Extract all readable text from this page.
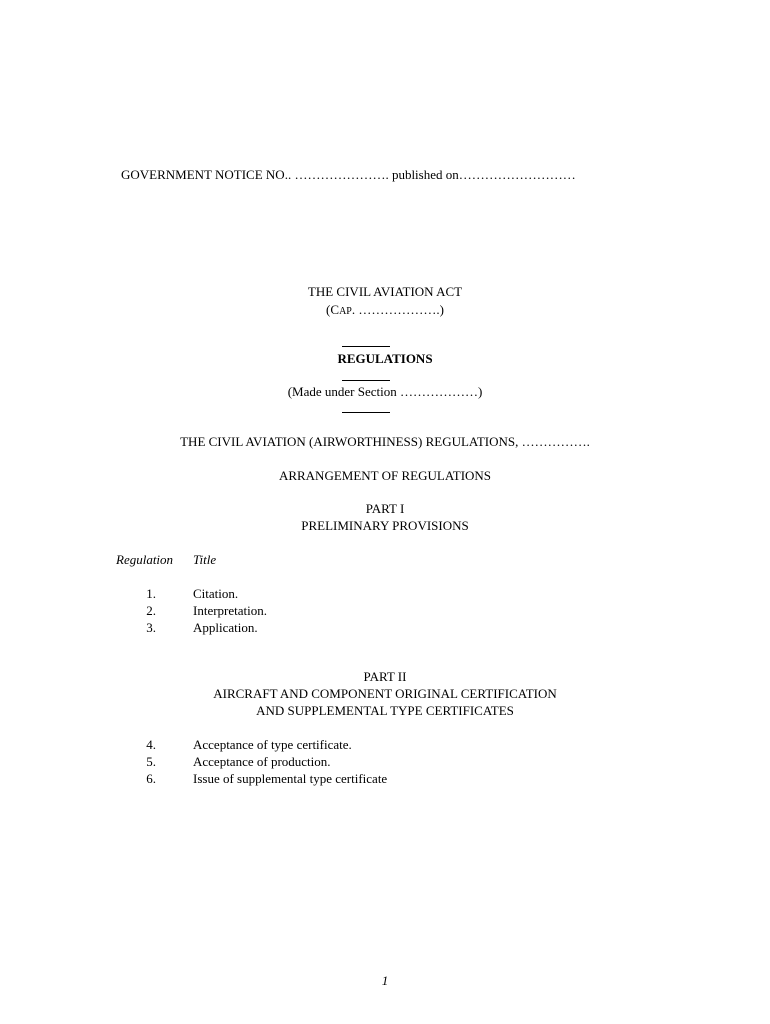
GOVERNMENT NOTICE NO.. …………………. published on………………………
THE CIVIL AVIATION ACT
(CAP. ……………….)
REGULATIONS
(Made under Section ………………)
THE CIVIL AVIATION (AIRWORTHINESS) REGULATIONS, …………….
ARRANGEMENT OF REGULATIONS
PART I
PRELIMINARY PROVISIONS
Regulation Title
1.	Citation.
2.	Interpretation.
3.	Application.
PART II
AIRCRAFT AND COMPONENT ORIGINAL CERTIFICATION
AND SUPPLEMENTAL TYPE CERTIFICATES
4.	Acceptance of type certificate.
5.	Acceptance of production.
6.	Issue of supplemental type certificate
1
